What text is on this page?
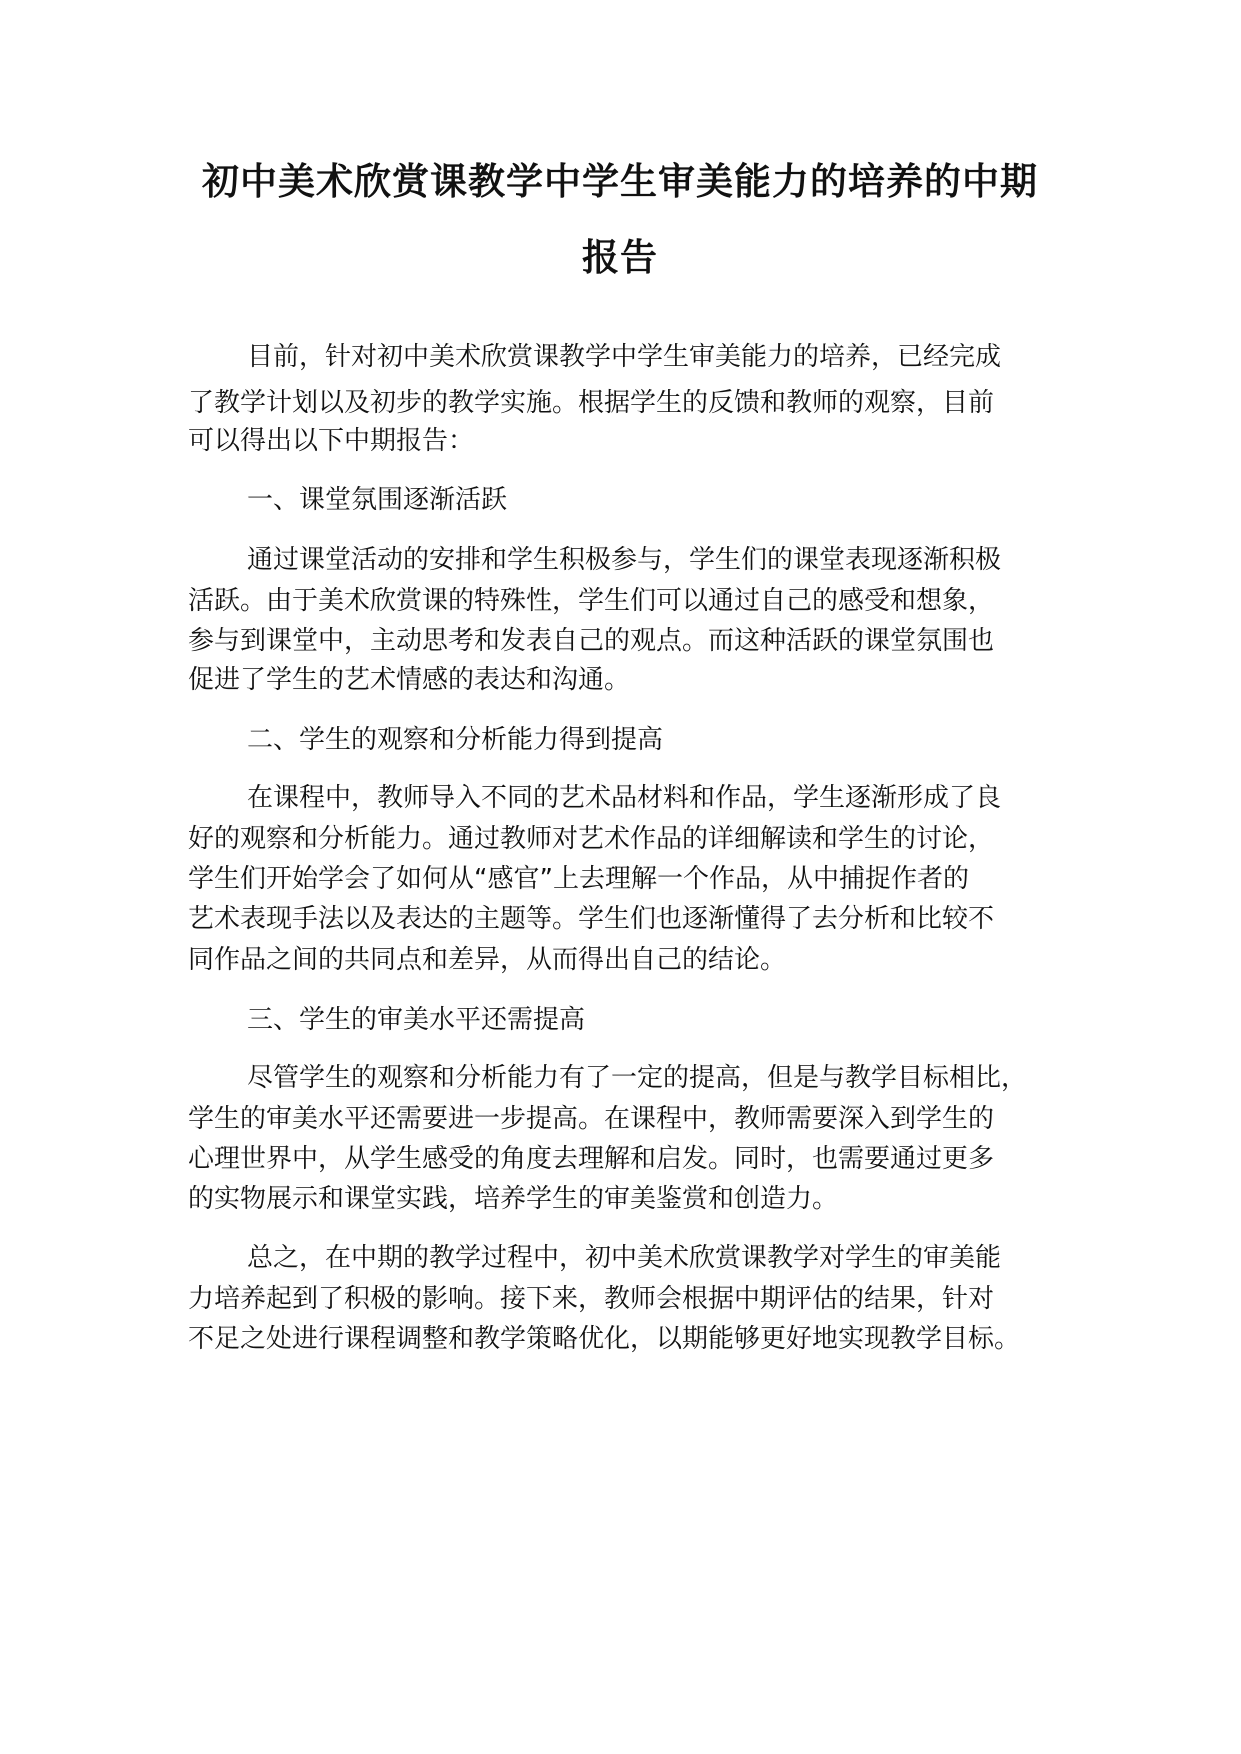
初中美术欣赏课教学中学生审美能力的培养的中期
报告
目前，针对初中美术欣赏课教学中学生审美能力的培养，已经完成
了教学计划以及初步的教学实施。根据学生的反馈和教师的观察，目前
可以得出以下中期报告：
一、课堂氛围逐渐活跃
通过课堂活动的安排和学生积极参与，学生们的课堂表现逐渐积极
活跃。由于美术欣赏课的特殊性，学生们可以通过自己的感受和想象，
参与到课堂中，主动思考和发表自己的观点。而这种活跃的课堂氛围也
促进了学生的艺术情感的表达和沟通。
二、学生的观察和分析能力得到提高
在课程中，教师导入不同的艺术品材料和作品，学生逐渐形成了良
好的观察和分析能力。通过教师对艺术作品的详细解读和学生的讨论，
学生们开始学会了如何从“感官”上去理解一个作品，从中捕捉作者的
艺术表现手法以及表达的主题等。学生们也逐渐懂得了去分析和比较不
同作品之间的共同点和差异，从而得出自己的结论。
三、学生的审美水平还需提高
尽管学生的观察和分析能力有了一定的提高，但是与教学目标相比，
学生的审美水平还需要进一步提高。在课程中，教师需要深入到学生的
心理世界中，从学生感受的角度去理解和启发。同时，也需要通过更多
的实物展示和课堂实践，培养学生的审美鉴赏和创造力。
总之，在中期的教学过程中，初中美术欣赏课教学对学生的审美能
力培养起到了积极的影响。接下来，教师会根据中期评估的结果，针对
不足之处进行课程调整和教学策略优化，以期能够更好地实现教学目标。
